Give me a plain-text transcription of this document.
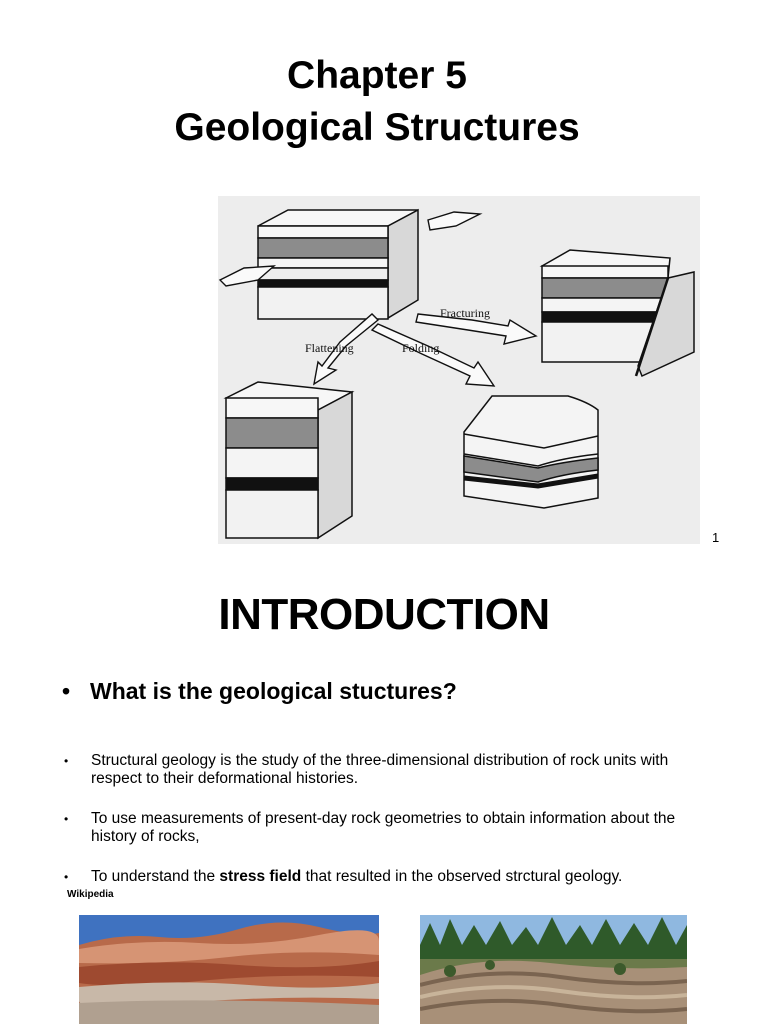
Chapter 5
Geological Structures
Fracturing
Flattening	Folding
1
INTRODUCTION
• What is the geological stuctures?
• Structural geology is the study of the three-dimensional distribution of rock units with respect to their deformational histories.
• To use measurements of present-day rock geometries to obtain information about the history of rocks,
• To understand the stress field that resulted in the observed strctural geology.
Wikipedia
